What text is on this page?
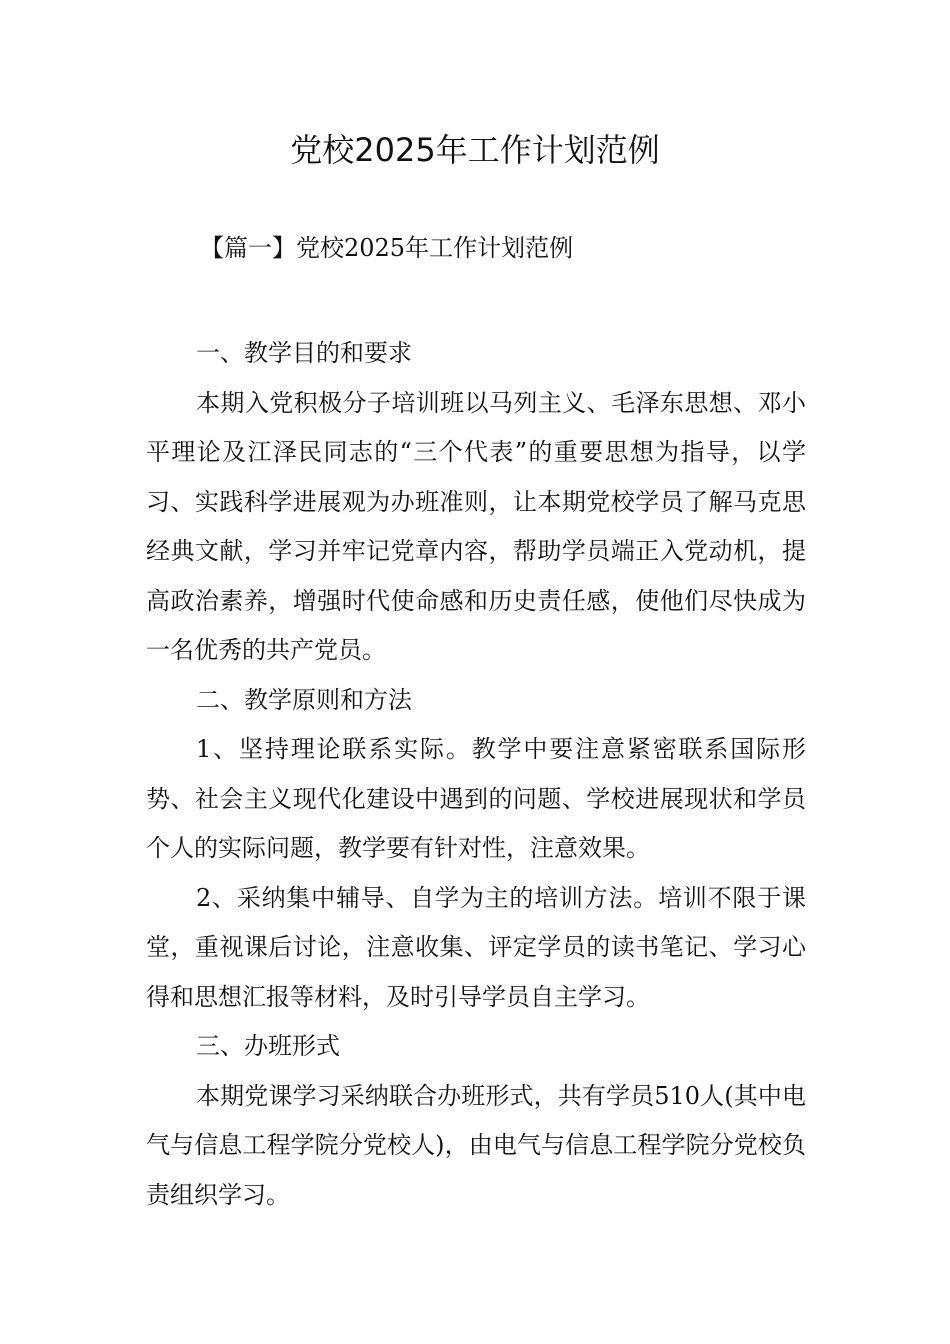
党校2025年工作计划范例

【篇一】党校2025年工作计划范例

一、教学目的和要求

本期入党积极分子培训班以马列主义、毛泽东思想、邓小平理论及江泽民同志的“三个代表”的重要思想为指导，以学习、实践科学进展观为办班准则，让本期党校学员了解马克思经典文献，学习并牢记党章内容，帮助学员端正入党动机，提高政治素养，增强时代使命感和历史责任感，使他们尽快成为一名优秀的共产党员。

二、教学原则和方法

1、坚持理论联系实际。教学中要注意紧密联系国际形势、社会主义现代化建设中遇到的问题、学校进展现状和学员个人的实际问题，教学要有针对性，注意效果。

2、采纳集中辅导、自学为主的培训方法。培训不限于课堂，重视课后讨论，注意收集、评定学员的读书笔记、学习心得和思想汇报等材料，及时引导学员自主学习。

三、办班形式

本期党课学习采纳联合办班形式，共有学员510人(其中电气与信息工程学院分党校人)，由电气与信息工程学院分党校负责组织学习。
